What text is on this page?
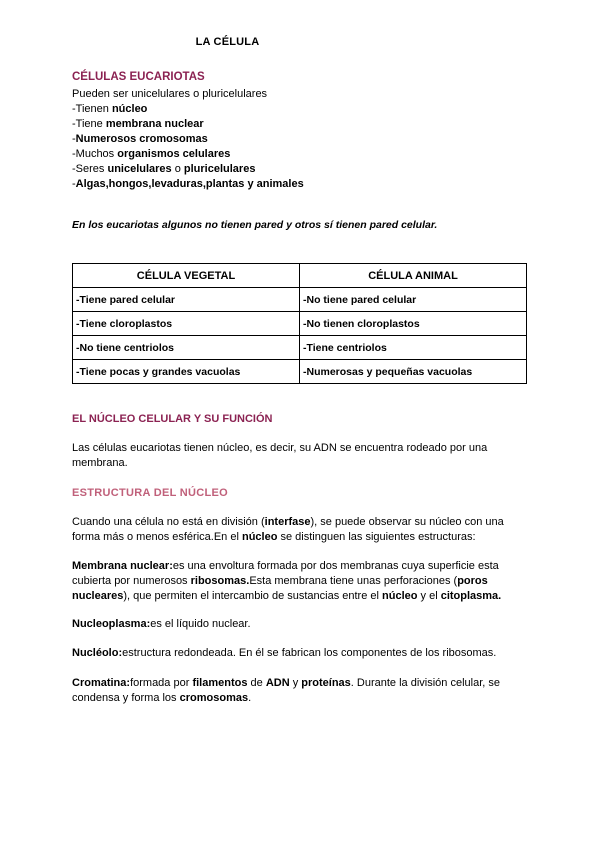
LA CÉLULA
CÉLULAS EUCARIOTAS
Pueden ser unicelulares o pluricelulares
-Tienen núcleo
-Tiene membrana nuclear
-Numerosos cromosomas
-Muchos organismos celulares
-Seres unicelulares o pluricelulares
-Algas,hongos,levaduras,plantas y animales
En los eucariotas algunos no tienen pared y otros sí tienen pared celular.
CÉLULA VEGETAL	CÉLULA ANIMAL
-Tiene pared celular	-No tiene pared celular
-Tiene cloroplastos	-No tienen cloroplastos
-No tiene centriolos	-Tiene centriolos
-Tiene pocas y grandes vacuolas	-Numerosas y pequeñas vacuolas
EL NÚCLEO CELULAR Y SU FUNCIÓN
Las células eucariotas tienen núcleo, es decir, su ADN se encuentra rodeado por una membrana.
ESTRUCTURA DEL NÚCLEO
Cuando una célula no está en división (interfase), se puede observar su núcleo con una forma más o menos esférica.En el núcleo se distinguen las siguientes estructuras:
Membrana nuclear:es una envoltura formada por dos membranas cuya superficie esta cubierta por numerosos ribosomas.Esta membrana tiene unas perforaciones (poros nucleares), que permiten el intercambio de sustancias entre el núcleo y el citoplasma.
Nucleoplasma:es el líquido nuclear.
Nucléolo:estructura redondeada. En él se fabrican los componentes de los ribosomas.
Cromatina:formada por filamentos de ADN y proteínas. Durante la división celular, se condensa y forma los cromosomas.
